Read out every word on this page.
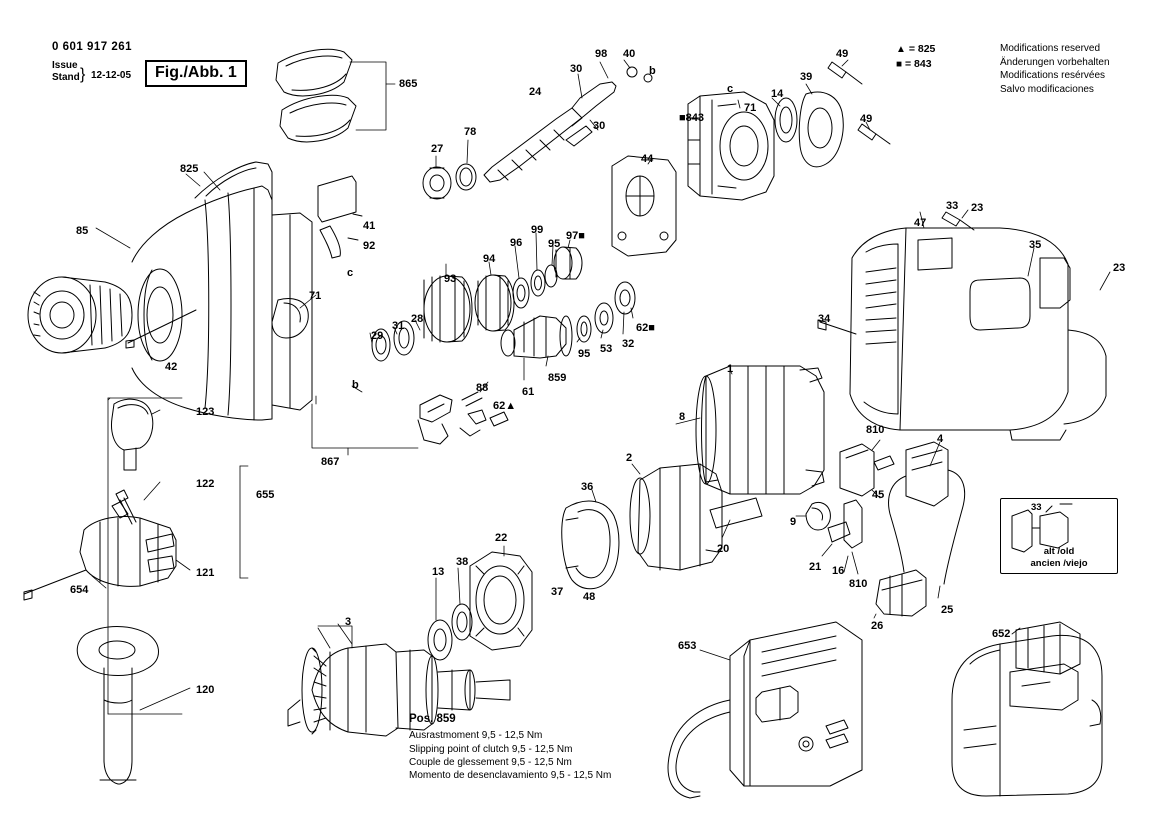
0 601 917 261
Issue
Stand } 12-12-05	Fig./Abb. 1
▲ = 825
■ = 843
Modifications reserved
Änderungen vorbehalten
Modifications resérvées
Salvo modificaciones
Pos. 859
Ausrastmoment 9,5 - 12,5 Nm
Slipping point of clutch 9,5 - 12,5 Nm
Couple de glessement 9,5 - 12,5 Nm
Momento de desenclavamiento 9,5 - 12,5 Nm
33
alt /old
ancien /viejo
865
98 40
b
30
24
30
49
39
14
71
■843
c
49
27
78
44
825
85	41
92
c
71
42
97■
95
99
96
94
93
29
31
28
b	88	61
859
62▲
95 53 32
62■
867
47
33 23
35
23
34
1
8
2
36
9
20
810
4
45
21 16
810
25
26
22
38
13
37 48
3
123
122
655
121
654
120
653
652
